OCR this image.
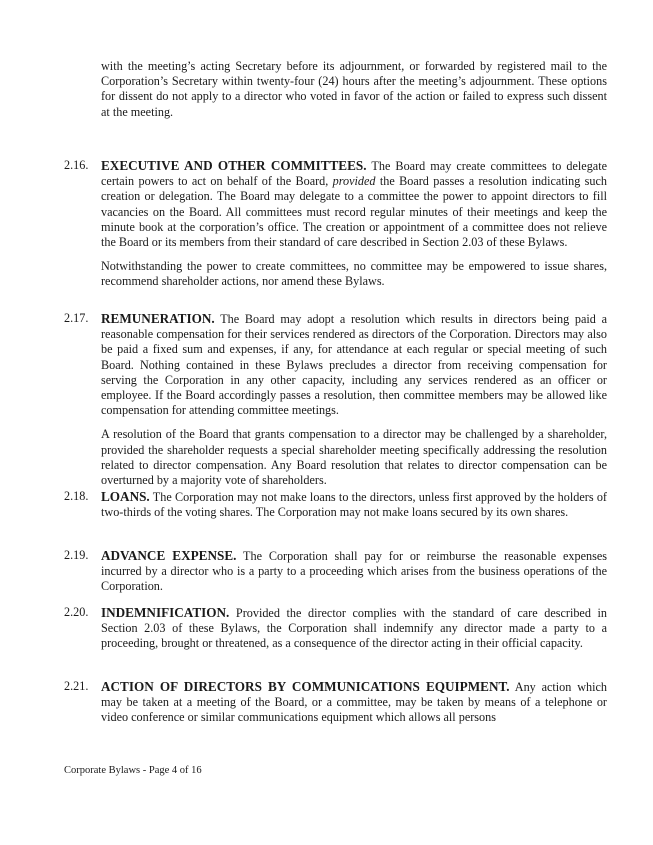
with the meeting’s acting Secretary before its adjournment, or forwarded by registered mail to the Corporation’s Secretary within twenty-four (24) hours after the meeting’s adjournment. These options for dissent do not apply to a director who voted in favor of the action or failed to express such dissent at the meeting.

2.16. EXECUTIVE AND OTHER COMMITTEES. The Board may create committees to delegate certain powers to act on behalf of the Board, provided the Board passes a resolution indicating such creation or delegation. The Board may delegate to a committee the power to appoint directors to fill vacancies on the Board. All committees must record regular minutes of their meetings and keep the minute book at the corporation’s office. The creation or appointment of a committee does not relieve the Board or its members from their standard of care described in Section 2.03 of these Bylaws.

Notwithstanding the power to create committees, no committee may be empowered to issue shares, recommend shareholder actions, nor amend these Bylaws.

2.17. REMUNERATION. The Board may adopt a resolution which results in directors being paid a reasonable compensation for their services rendered as directors of the Corporation. Directors may also be paid a fixed sum and expenses, if any, for attendance at each regular or special meeting of such Board. Nothing contained in these Bylaws precludes a director from receiving compensation for serving the Corporation in any other capacity, including any services rendered as an officer or employee. If the Board accordingly passes a resolution, then committee members may be allowed like compensation for attending committee meetings.

A resolution of the Board that grants compensation to a director may be challenged by a shareholder, provided the shareholder requests a special shareholder meeting specifically addressing the resolution related to director compensation. Any Board resolution that relates to director compensation can be overturned by a majority vote of shareholders.

2.18. LOANS. The Corporation may not make loans to the directors, unless first approved by the holders of two-thirds of the voting shares. The Corporation may not make loans secured by its own shares.

2.19. ADVANCE EXPENSE. The Corporation shall pay for or reimburse the reasonable expenses incurred by a director who is a party to a proceeding which arises from the business operations of the Corporation.

2.20. INDEMNIFICATION. Provided the director complies with the standard of care described in Section 2.03 of these Bylaws, the Corporation shall indemnify any director made a party to a proceeding, brought or threatened, as a consequence of the director acting in their official capacity.

2.21. ACTION OF DIRECTORS BY COMMUNICATIONS EQUIPMENT. Any action which may be taken at a meeting of the Board, or a committee, may be taken by means of a telephone or video conference or similar communications equipment which allows all persons

Corporate Bylaws - Page 4 of 16
